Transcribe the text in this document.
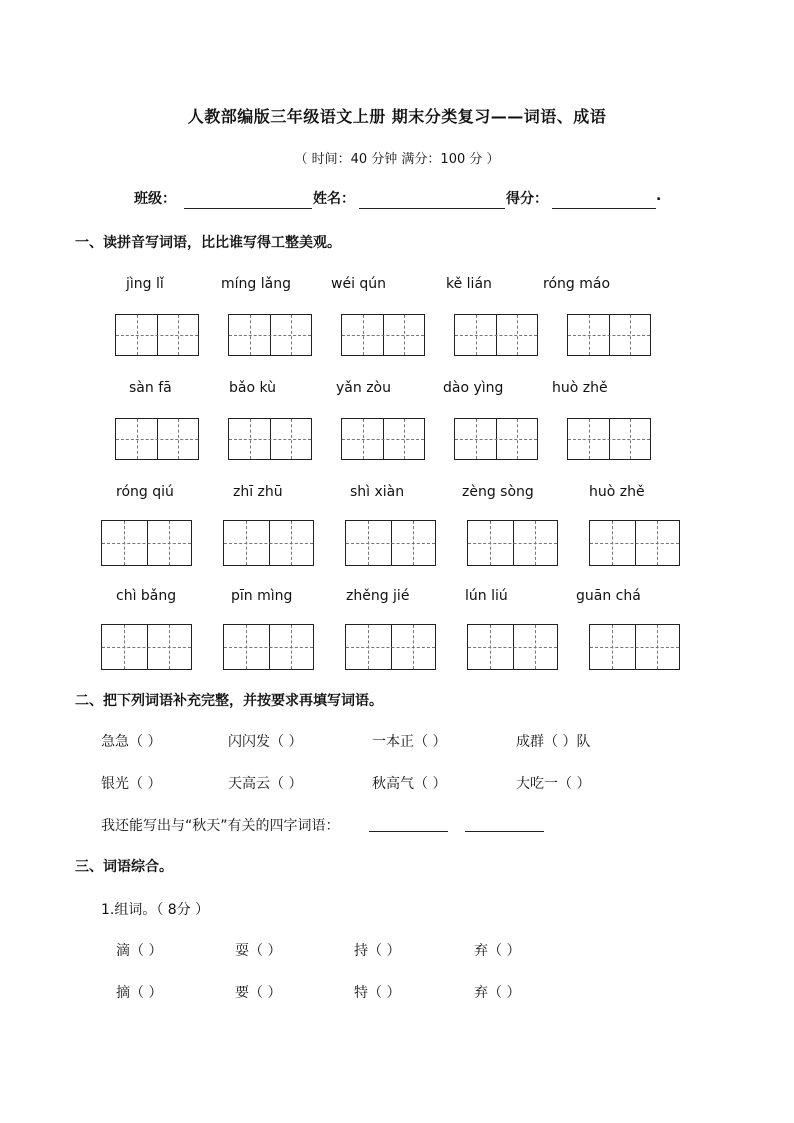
人教部编版三年级语文上册 期末分类复习——词语、成语
（ 时间：40 分钟 满分：100 分 ）
班级：	姓名：	得分：	.
一、读拼音写词语，比比谁写得工整美观。
jìng lǐ	míng lǎng	wéi qún	kě lián	róng máo
sàn fā	bǎo kù	yǎn zòu	dào yìng	huò zhě
róng qiú	zhī zhū	shì xiàn	zèng sòng	huò zhě
chì bǎng	pīn mìng	zhěng jié	lún liú	guān chá
二、把下列词语补充完整，并按要求再填写词语。
急急（ ）	闪闪发（ ）	一本正（ ）	成群（ ）队
银光（ ）	天高云（ ）	秋高气（ ）	大吃一（ ）
我还能写出与“秋天”有关的四字词语：
三、词语综合。
1.组词。（ 8分 ）
滴（ ）	耍（ ）	持（ ）	弃（ ）
摘（ ）	要（ ）	特（ ）	弃（ ）
